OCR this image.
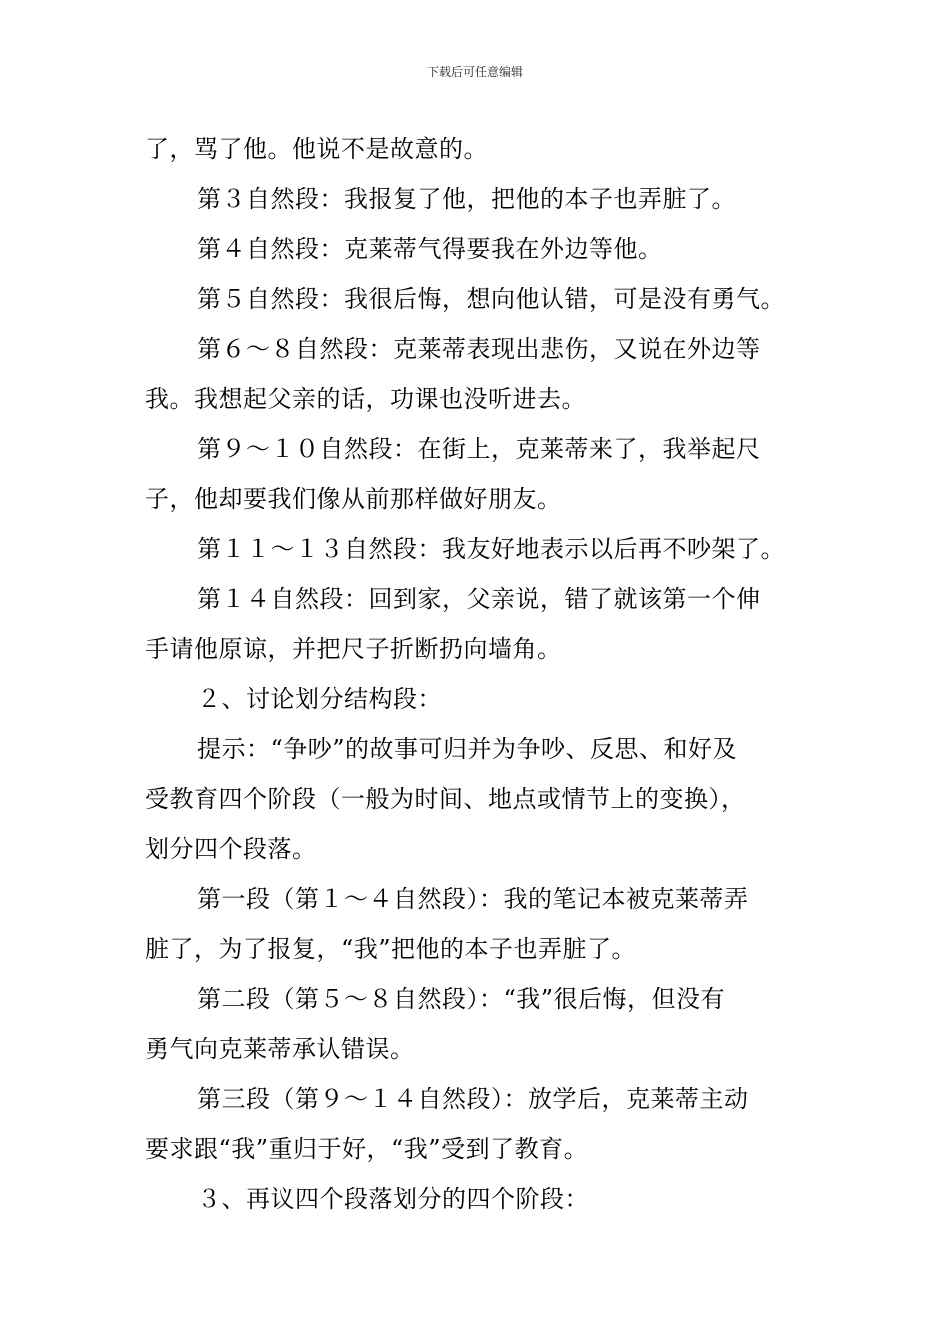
下载后可任意编辑
了，骂了他。他说不是故意的。
第３自然段：我报复了他，把他的本子也弄脏了。
第４自然段：克莱蒂气得要我在外边等他。
第５自然段：我很后悔，想向他认错，可是没有勇气。
第６～８自然段：克莱蒂表现出悲伤，又说在外边等
我。我想起父亲的话，功课也没听进去。
第９～１０自然段：在街上，克莱蒂来了，我举起尺
子，他却要我们像从前那样做好朋友。
第１１～１３自然段：我友好地表示以后再不吵架了。
第１４自然段：回到家，父亲说，错了就该第一个伸
手请他原谅，并把尺子折断扔向墙角。
２、讨论划分结构段：
提示：“争吵”的故事可归并为争吵、反思、和好及
受教育四个阶段（一般为时间、地点或情节上的变换），
划分四个段落。
第一段（第１～４自然段）：我的笔记本被克莱蒂弄
脏了，为了报复，“我”把他的本子也弄脏了。
第二段（第５～８自然段）：“我”很后悔，但没有
勇气向克莱蒂承认错误。
第三段（第９～１４自然段）：放学后，克莱蒂主动
要求跟“我”重归于好，“我”受到了教育。
３、再议四个段落划分的四个阶段：
